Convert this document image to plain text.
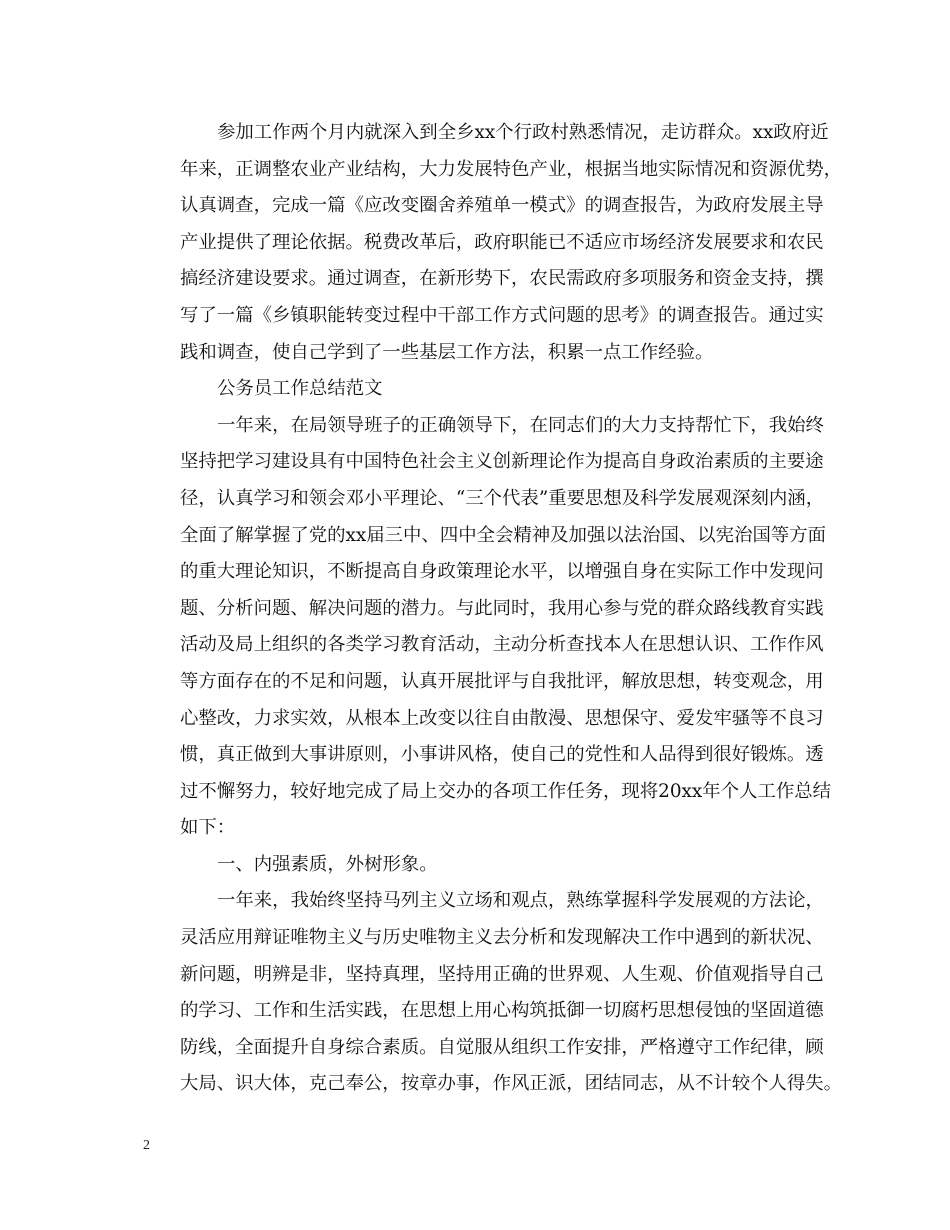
参加工作两个月内就深入到全乡xx个行政村熟悉情况，走访群众。xx政府近
年来，正调整农业产业结构，大力发展特色产业，根据当地实际情况和资源优势，
认真调查，完成一篇《应改变圈舍养殖单一模式》的调查报告，为政府发展主导
产业提供了理论依据。税费改革后，政府职能已不适应市场经济发展要求和农民
搞经济建设要求。通过调查，在新形势下，农民需政府多项服务和资金支持，撰
写了一篇《乡镇职能转变过程中干部工作方式问题的思考》的调查报告。通过实
践和调查，使自己学到了一些基层工作方法，积累一点工作经验。
公务员工作总结范文
一年来，在局领导班子的正确领导下，在同志们的大力支持帮忙下，我始终
坚持把学习建设具有中国特色社会主义创新理论作为提高自身政治素质的主要途
径，认真学习和领会邓小平理论、“三个代表”重要思想及科学发展观深刻内涵，
全面了解掌握了党的xx届三中、四中全会精神及加强以法治国、以宪治国等方面
的重大理论知识，不断提高自身政策理论水平，以增强自身在实际工作中发现问
题、分析问题、解决问题的潜力。与此同时，我用心参与党的群众路线教育实践
活动及局上组织的各类学习教育活动，主动分析查找本人在思想认识、工作作风
等方面存在的不足和问题，认真开展批评与自我批评，解放思想，转变观念，用
心整改，力求实效，从根本上改变以往自由散漫、思想保守、爱发牢骚等不良习
惯，真正做到大事讲原则，小事讲风格，使自己的党性和人品得到很好锻炼。透
过不懈努力，较好地完成了局上交办的各项工作任务，现将20xx年个人工作总结
如下：
一、内强素质，外树形象。
一年来，我始终坚持马列主义立场和观点，熟练掌握科学发展观的方法论，
灵活应用辩证唯物主义与历史唯物主义去分析和发现解决工作中遇到的新状况、
新问题，明辨是非，坚持真理，坚持用正确的世界观、人生观、价值观指导自己
的学习、工作和生活实践，在思想上用心构筑抵御一切腐朽思想侵蚀的坚固道德
防线，全面提升自身综合素质。自觉服从组织工作安排，严格遵守工作纪律，顾
大局、识大体，克己奉公，按章办事，作风正派，团结同志，从不计较个人得失。
2
